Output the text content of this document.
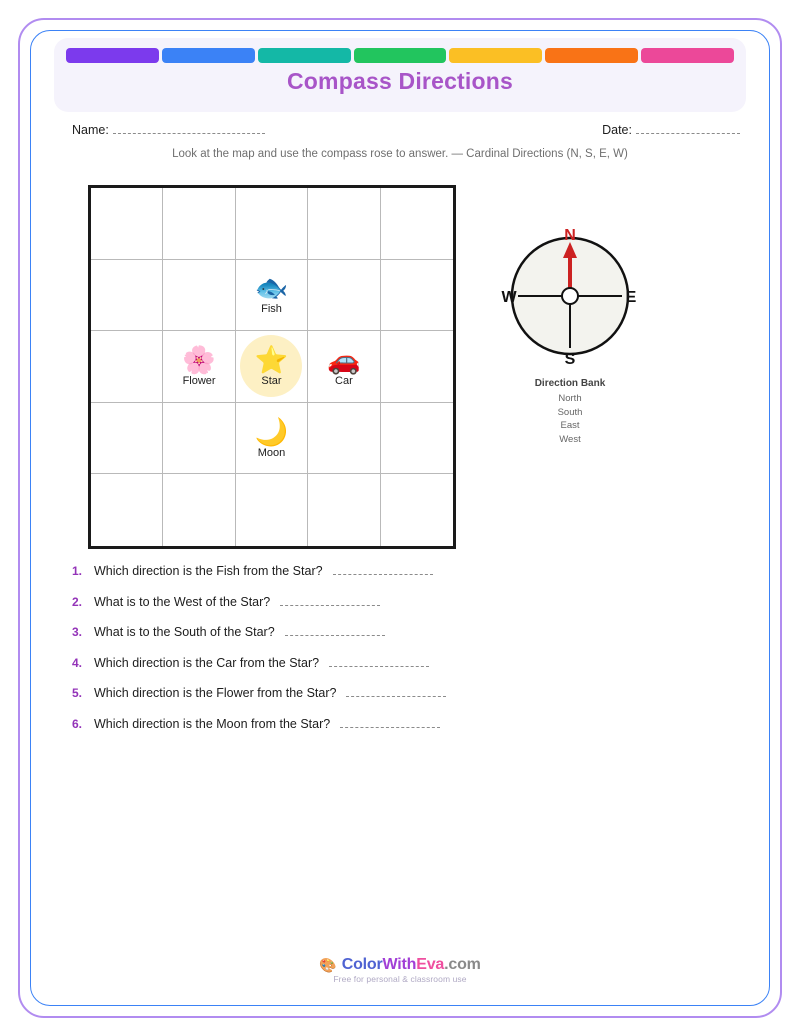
Compass Directions
Name:	Date:
Look at the map and use the compass rose to answer. — Cardinal Directions (N, S, E, W)
🐟
Fish
🌸
Flower
⭐
Star
🚗
Car
🌙
Moon
N
S
E
W
Direction Bank
North
South
East
West
1. Which direction is the Fish from the Star?
2. What is to the West of the Star?
3. What is to the South of the Star?
4. Which direction is the Car from the Star?
5. Which direction is the Flower from the Star?
6. Which direction is the Moon from the Star?
🎨 ColorWithEva.com
Free for personal & classroom use
